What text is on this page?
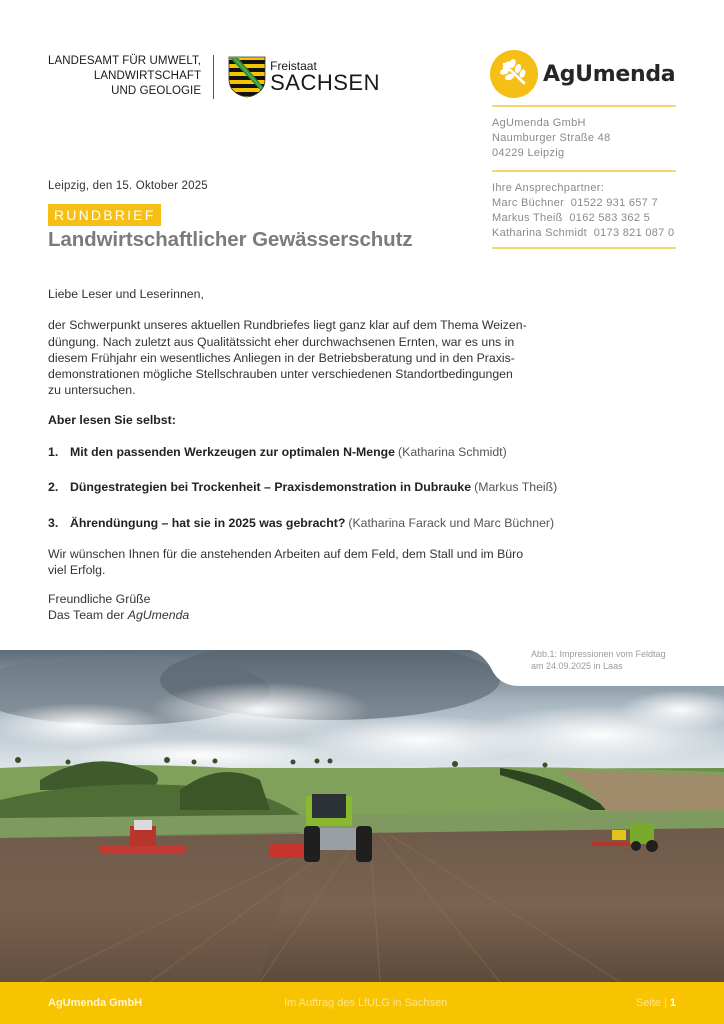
LANDESAMT FÜR UMWELT,
LANDWIRTSCHAFT
UND GEOLOGIE
Freistaat
SACHSEN	AgUmenda
AgUmenda GmbH
Naumburger Straße 48
04229 Leipzig
Ihre Ansprechpartner:
Marc Büchner 01522 931 657 7
Markus Theiß 0162 583 362 5
Katharina Schmidt 0173 821 087 0
Leipzig, den 15. Oktober 2025
RUNDBRIEF
Landwirtschaftlicher Gewässerschutz

Liebe Leser und Leserinnen,

der Schwerpunkt unseres aktuellen Rundbriefes liegt ganz klar auf dem Thema Weizen-
düngung. Nach zuletzt aus Qualitätssicht eher durchwachsenen Ernten, war es uns in
diesem Frühjahr ein wesentliches Anliegen in der Betriebsberatung und in den Praxis-
demonstrationen mögliche Stellschrauben unter verschiedenen Standortbedingungen
zu untersuchen.

Aber lesen Sie selbst:

1. Mit den passenden Werkzeugen zur optimalen N-Menge (Katharina Schmidt)
2. Düngestrategien bei Trockenheit – Praxisdemonstration in Dubrauke (Markus Theiß)
3. Ährendüngung – hat sie in 2025 was gebracht? (Katharina Farack und Marc Büchner)

Wir wünschen Ihnen für die anstehenden Arbeiten auf dem Feld, dem Stall und im Büro
viel Erfolg.

Freundliche Grüße
Das Team der AgUmenda

Abb.1: Impressionen vom Feldtag
am 24.09.2025 in Laas
AgUmenda GmbH	Im Auftrag des LfULG in Sachsen	Seite | 1
